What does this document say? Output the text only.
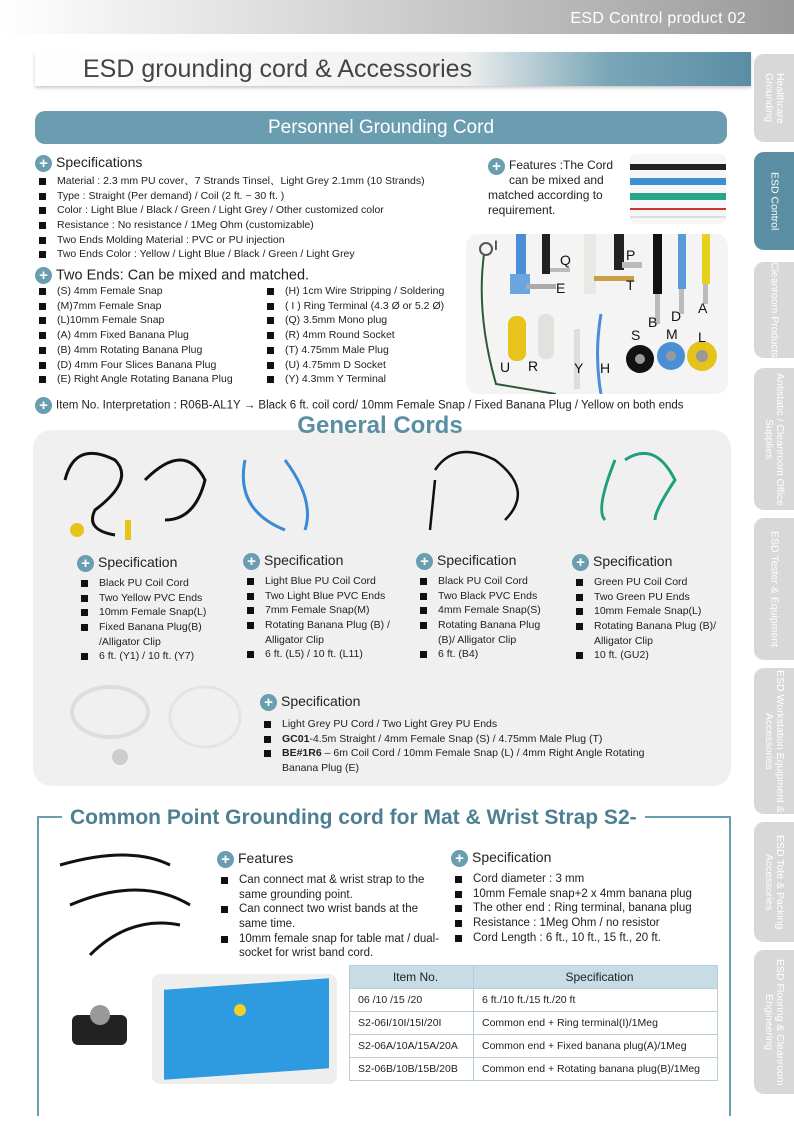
ESD Control product 02
ESD grounding cord & Accessories
Personnel Grounding Cord
Healthcare Grounding
ESD Control
Cleanroom Products
Antistatic / Cleanroom Office Supplies
ESD Tester & Equipment
ESD Workstation Equipment & Accessories
ESD Tote & Packing Accessories
ESD Flooring & Cleanroom Engineering
+ Specifications
Material : 2.3 mm PU cover、7 Strands Tinsel、Light Grey 2.1mm (10 Strands)
Type : Straight (Per demand) / Coil (2 ft. ~ 30 ft. )
Color : Light Blue / Black / Green / Light Grey / Other customized color
Resistance : No resistance / 1Meg Ohm (customizable)
Two Ends Molding Material : PVC or PU injection
Two Ends Color : Yellow / Light Blue / Black / Green / Light Grey
+ Two Ends: Can be mixed and matched.
(S) 4mm Female Snap
(M)7mm Female Snap
(L)10mm Female Snap
(A) 4mm Fixed Banana Plug
(B) 4mm Rotating Banana Plug
(D) 4mm Four Slices Banana Plug
(E) Right Angle Rotating Banana Plug
(H) 1cm Wire Stripping / Soldering
( I ) Ring Terminal (4.3 Ø or 5.2 Ø)
(Q) 3.5mm Mono plug
(R) 4mm Round Socket
(T) 4.75mm Male Plug
(U) 4.75mm D Socket
(Y) 4.3mm Y Terminal
+ Features :The Cord can be mixed and matched according to requirement.
I
Q	P
E	T
B D A
S M L
U R	Y H
+ Item No. Interpretation : R06B-AL1Y → Black 6 ft. coil cord/ 10mm Female Snap / Fixed Banana Plug / Yellow on both ends
General Cords
+ Specification
Black PU Coil Cord
Two Yellow PVC Ends
10mm Female Snap(L)
Fixed Banana Plug(B) /Alligator Clip
6 ft. (Y1) / 10 ft. (Y7)
+ Specification
Light Blue PU Coil Cord
Two Light Blue PVC Ends
7mm Female Snap(M)
Rotating Banana Plug (B) / Alligator Clip
6 ft. (L5) / 10 ft. (L11)
+ Specification
Black PU Coil Cord
Two Black PVC Ends
4mm Female Snap(S)
Rotating Banana Plug (B)/ Alligator Clip
6 ft. (B4)
+ Specification
Green PU Coil Cord
Two Green PU Ends
10mm Female Snap(L)
Rotating Banana Plug (B)/ Alligator Clip
10 ft. (GU2)
+ Specification
Light Grey PU Cord / Two Light Grey PU Ends
GC01-4.5m Straight / 4mm Female Snap (S) / 4.75mm Male Plug (T)
BE#1R6 – 6m Coil Cord / 10mm Female Snap (L) / 4mm Right Angle Rotating Banana Plug (E)
Common Point Grounding cord for Mat & Wrist Strap S2-
+ Features
Can connect mat & wrist strap to the same grounding point.
Can connect two wrist bands at the same time.
10mm female snap for table mat / dual-socket for wrist band cord.
+ Specification
Cord diameter : 3 mm
10mm Female snap+2 x 4mm banana plug
The other end : Ring terminal, banana plug
Resistance : 1Meg Ohm / no resistor
Cord Length : 6 ft., 10 ft., 15 ft., 20 ft.
Item No.	Specification
06 /10 /15 /20	6 ft./10 ft./15 ft./20 ft
S2-06I/10I/15I/20I	Common end + Ring terminal(I)/1Meg
S2-06A/10A/15A/20A	Common end + Fixed banana plug(A)/1Meg
S2-06B/10B/15B/20B	Common end + Rotating banana plug(B)/1Meg
